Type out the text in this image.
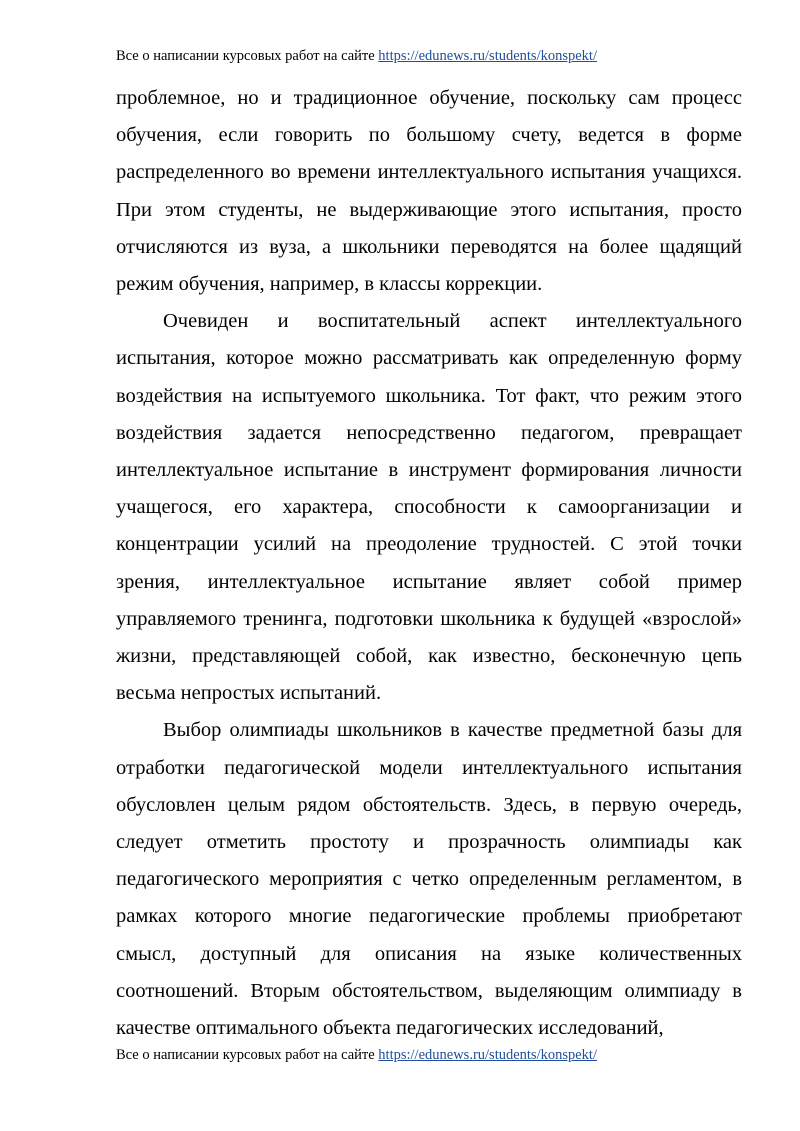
Все о написании курсовых работ на сайте https://edunews.ru/students/konspekt/

проблемное, но и традиционное обучение, поскольку сам процесс обучения, если говорить по большому счету, ведется в форме распределенного во времени интеллектуального испытания учащихся. При этом студенты, не выдерживающие этого испытания, просто отчисляются из вуза, а школьники переводятся на более щадящий режим обучения, например, в классы коррекции.

Очевиден и воспитательный аспект интеллектуального испытания, которое можно рассматривать как определенную форму воздействия на испытуемого школьника. Тот факт, что режим этого воздействия задается непосредственно педагогом, превращает интеллектуальное испытание в инструмент формирования личности учащегося, его характера, способности к самоорганизации и концентрации усилий на преодоление трудностей. С этой точки зрения, интеллектуальное испытание являет собой пример управляемого тренинга, подготовки школьника к будущей «взрослой» жизни, представляющей собой, как известно, бесконечную цепь весьма непростых испытаний.

Выбор олимпиады школьников в качестве предметной базы для отработки педагогической модели интеллектуального испытания обусловлен целым рядом обстоятельств. Здесь, в первую очередь, следует отметить простоту и прозрачность олимпиады как педагогического мероприятия с четко определенным регламентом, в рамках которого многие педагогические проблемы приобретают смысл, доступный для описания на языке количественных соотношений. Вторым обстоятельством, выделяющим олимпиаду в качестве оптимального объекта педагогических исследований,

Все о написании курсовых работ на сайте https://edunews.ru/students/konspekt/
